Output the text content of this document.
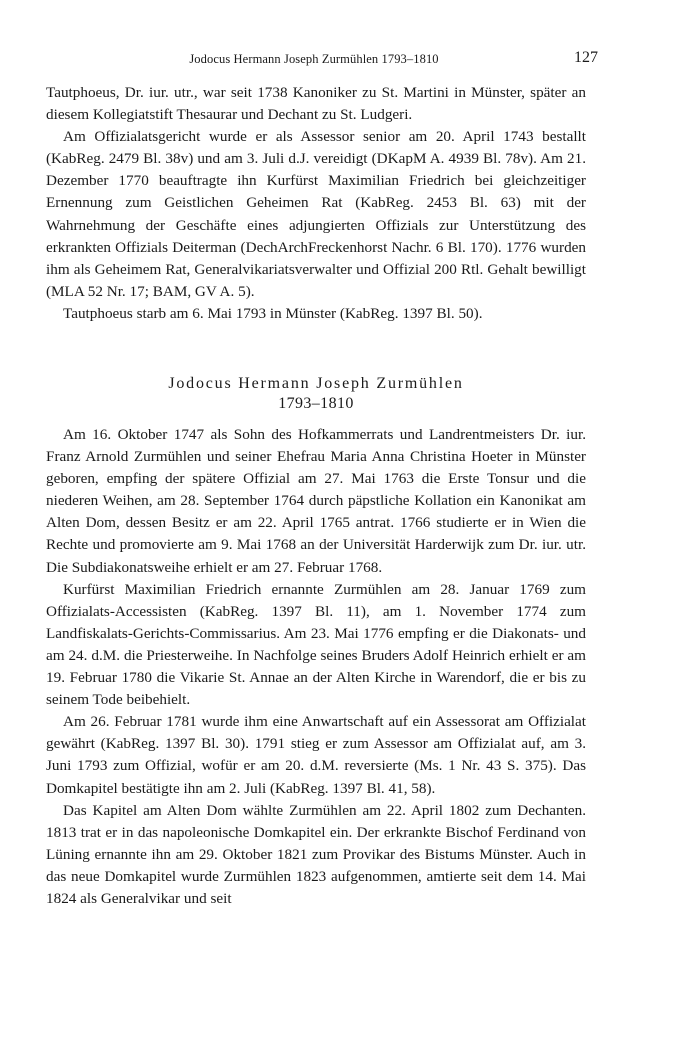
Jodocus Hermann Joseph Zurmühlen 1793–1810	127

Tautphoeus, Dr. iur. utr., war seit 1738 Kanoniker zu St. Martini in Münster, später an diesem Kollegiatstift Thesaurar und Dechant zu St. Ludgeri.

Am Offizialatsgericht wurde er als Assessor senior am 20. April 1743 bestallt (KabReg. 2479 Bl. 38v) und am 3. Juli d.J. vereidigt (DKapM A. 4939 Bl. 78v). Am 21. Dezember 1770 beauftragte ihn Kurfürst Maximilian Friedrich bei gleichzeitiger Ernennung zum Geistlichen Geheimen Rat (KabReg. 2453 Bl. 63) mit der Wahrnehmung der Geschäfte eines adjungierten Offizials zur Unterstützung des erkrankten Offizials Deiterman (DechArchFreckenhorst Nachr. 6 Bl. 170). 1776 wurden ihm als Geheimem Rat, Generalvikariatsverwalter und Offizial 200 Rtl. Gehalt bewilligt (MLA 52 Nr. 17; BAM, GV A. 5).

Tautphoeus starb am 6. Mai 1793 in Münster (KabReg. 1397 Bl. 50).

Jodocus Hermann Joseph Zurmühlen
1793–1810

Am 16. Oktober 1747 als Sohn des Hofkammerrats und Landrentmeisters Dr. iur. Franz Arnold Zurmühlen und seiner Ehefrau Maria Anna Christina Hoeter in Münster geboren, empfing der spätere Offizial am 27. Mai 1763 die Erste Tonsur und die niederen Weihen, am 28. September 1764 durch päpstliche Kollation ein Kanonikat am Alten Dom, dessen Besitz er am 22. April 1765 antrat. 1766 studierte er in Wien die Rechte und promovierte am 9. Mai 1768 an der Universität Harderwijk zum Dr. iur. utr. Die Subdiakonatsweihe erhielt er am 27. Februar 1768.

Kurfürst Maximilian Friedrich ernannte Zurmühlen am 28. Januar 1769 zum Offizialats-Accessisten (KabReg. 1397 Bl. 11), am 1. November 1774 zum Landfiskalats-Gerichts-Commissarius. Am 23. Mai 1776 empfing er die Diakonats- und am 24. d.M. die Priesterweihe. In Nachfolge seines Bruders Adolf Heinrich erhielt er am 19. Februar 1780 die Vikarie St. Annae an der Alten Kirche in Warendorf, die er bis zu seinem Tode beibehielt.

Am 26. Februar 1781 wurde ihm eine Anwartschaft auf ein Assessorat am Offizialat gewährt (KabReg. 1397 Bl. 30). 1791 stieg er zum Assessor am Offizialat auf, am 3. Juni 1793 zum Offizial, wofür er am 20. d.M. reversierte (Ms. 1 Nr. 43 S. 375). Das Domkapitel bestätigte ihn am 2. Juli (KabReg. 1397 Bl. 41, 58).

Das Kapitel am Alten Dom wählte Zurmühlen am 22. April 1802 zum Dechanten. 1813 trat er in das napoleonische Domkapitel ein. Der erkrankte Bischof Ferdinand von Lüning ernannte ihn am 29. Oktober 1821 zum Provikar des Bistums Münster. Auch in das neue Domkapitel wurde Zurmühlen 1823 aufgenommen, amtierte seit dem 14. Mai 1824 als Generalvikar und seit
